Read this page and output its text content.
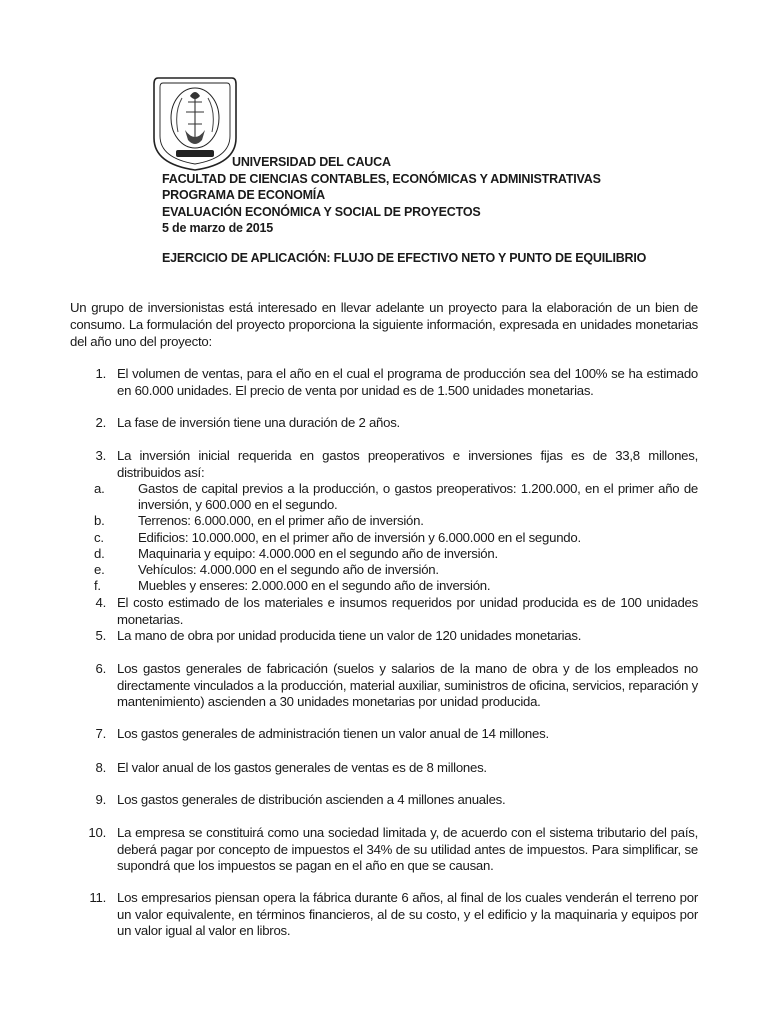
UNIVERSIDAD DEL CAUCA
FACULTAD DE CIENCIAS CONTABLES, ECONÓMICAS Y ADMINISTRATIVAS
PROGRAMA DE ECONOMÍA
EVALUACIÓN ECONÓMICA Y SOCIAL DE PROYECTOS
5 de marzo de 2015
EJERCICIO DE APLICACIÓN: FLUJO DE EFECTIVO NETO Y PUNTO DE EQUILIBRIO
Un grupo de inversionistas está interesado en llevar adelante un proyecto para la elaboración de un bien de consumo. La formulación del proyecto proporciona la siguiente información, expresada en unidades monetarias del año uno del proyecto:
1. El volumen de ventas, para el año en el cual el programa de producción sea del 100% se ha estimado en 60.000 unidades. El precio de venta por unidad es de 1.500 unidades monetarias.
2. La fase de inversión tiene una duración de 2 años.
3. La inversión inicial requerida en gastos preoperativos e inversiones fijas es de 33,8 millones, distribuidos así:
a.	Gastos de capital previos a la producción, o gastos preoperativos: 1.200.000, en el primer año de inversión, y 600.000 en el segundo.
b.	Terrenos: 6.000.000, en el primer año de inversión.
c.	Edificios: 10.000.000, en el primer año de inversión y 6.000.000 en el segundo.
d.	Maquinaria y equipo: 4.000.000 en el segundo año de inversión.
e.	Vehículos: 4.000.000 en el segundo año de inversión.
f.	Muebles y enseres: 2.000.000 en el segundo año de inversión.
4. El costo estimado de los materiales e insumos requeridos por unidad producida es de 100 unidades monetarias.
5. La mano de obra por unidad producida tiene un valor de 120 unidades monetarias.
6. Los gastos generales de fabricación (suelos y salarios de la mano de obra y de los empleados no directamente vinculados a la producción, material auxiliar, suministros de oficina, servicios, reparación y mantenimiento) ascienden a 30 unidades monetarias por unidad producida.
7. Los gastos generales de administración tienen un valor anual de 14 millones.
8. El valor anual de los gastos generales de ventas es de 8 millones.
9. Los gastos generales de distribución ascienden a 4 millones anuales.
10. La empresa se constituirá como una sociedad limitada y, de acuerdo con el sistema tributario del país, deberá pagar por concepto de impuestos el 34% de su utilidad antes de impuestos. Para simplificar, se supondrá que los impuestos se pagan en el año en que se causan.
11. Los empresarios piensan opera la fábrica durante 6 años, al final de los cuales venderán el terreno por un valor equivalente, en términos financieros, al de su costo, y el edificio y la maquinaria y equipos por un valor igual al valor en libros.
